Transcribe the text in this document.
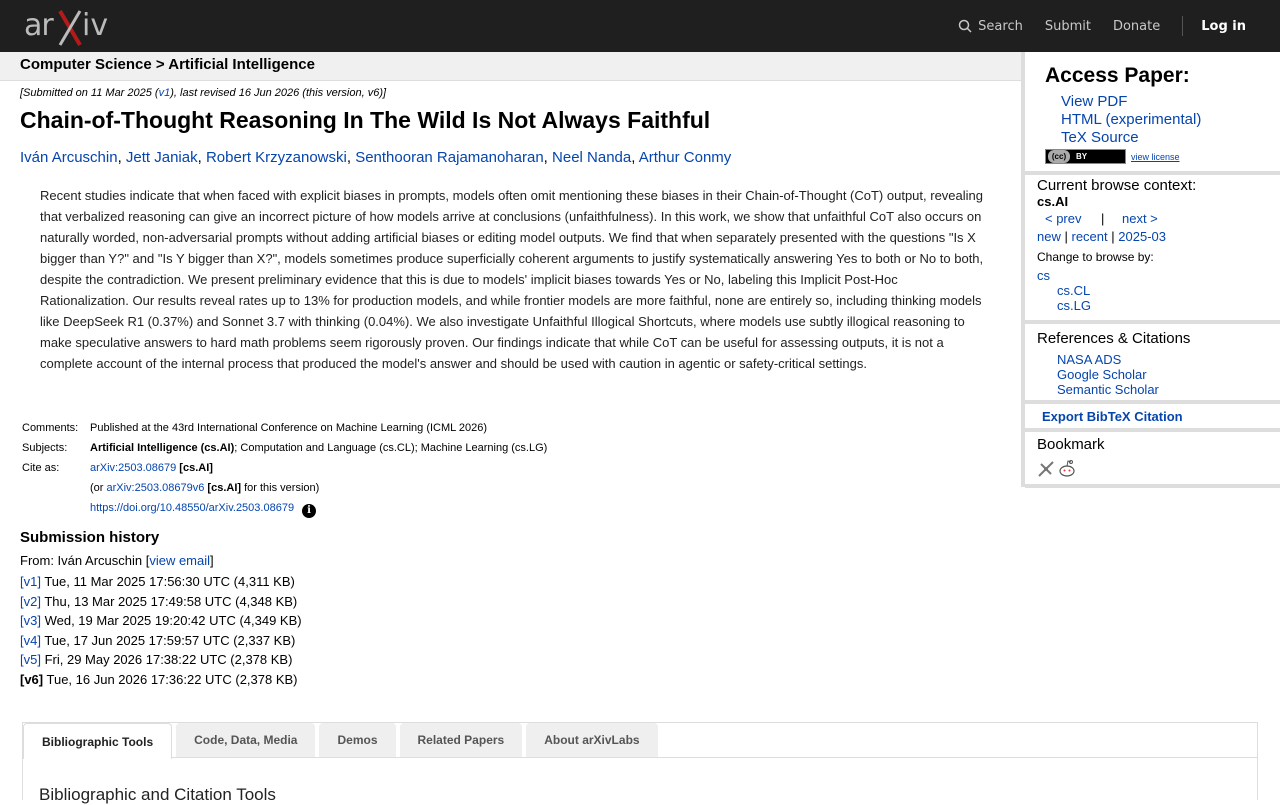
ar iv	Search Submit Donate	Log in
Computer Science > Artificial Intelligence
[Submitted on 11 Mar 2025 (v1), last revised 16 Jun 2026 (this version, v6)]
Chain-of-Thought Reasoning In The Wild Is Not Always Faithful
Iván Arcuschin, Jett Janiak, Robert Krzyzanowski, Senthooran Rajamanoharan, Neel Nanda, Arthur Conmy

Recent studies indicate that when faced with explicit biases in prompts, models often omit mentioning these biases in their Chain-of-Thought (CoT) output, revealing that verbalized reasoning can give an incorrect picture of how models arrive at conclusions (unfaithfulness). In this work, we show that unfaithful CoT also occurs on naturally worded, non-adversarial prompts without adding artificial biases or editing model outputs. We find that when separately presented with the questions "Is X bigger than Y?" and "Is Y bigger than X?", models sometimes produce superficially coherent arguments to justify systematically answering Yes to both or No to both, despite the contradiction. We present preliminary evidence that this is due to models' implicit biases towards Yes or No, labeling this Implicit Post-Hoc Rationalization. Our results reveal rates up to 13% for production models, and while frontier models are more faithful, none are entirely so, including thinking models like DeepSeek R1 (0.37%) and Sonnet 3.7 with thinking (0.04%). We also investigate Unfaithful Illogical Shortcuts, where models use subtly illogical reasoning to make speculative answers to hard math problems seem rigorously proven. Our findings indicate that while CoT can be useful for assessing outputs, it is not a complete account of the internal process that produced the model's answer and should be used with caution in agentic or safety-critical settings.

Comments:	Published at the 43rd International Conference on Machine Learning (ICML 2026)
Subjects:	Artificial Intelligence (cs.AI); Computation and Language (cs.CL); Machine Learning (cs.LG)
Cite as:	arXiv:2503.08679 [cs.AI]
(or arXiv:2503.08679v6 [cs.AI] for this version)
https://doi.org/10.48550/arXiv.2503.08679 i
Submission history
From: Iván Arcuschin [view email]
[v1] Tue, 11 Mar 2025 17:56:30 UTC (4,311 KB)
[v2] Thu, 13 Mar 2025 17:49:58 UTC (4,348 KB)
[v3] Wed, 19 Mar 2025 19:20:42 UTC (4,349 KB)
[v4] Tue, 17 Jun 2025 17:59:57 UTC (2,337 KB)
[v5] Fri, 29 May 2026 17:38:22 UTC (2,378 KB)
[v6] Tue, 16 Jun 2026 17:36:22 UTC (2,378 KB)
Bibliographic Tools	Code, Data, Media	Demos	Related Papers	About arXivLabs
Bibliographic and Citation Tools
Access Paper:
View PDF
HTML (experimental)
TeX Source
(cc)	BY	view license
Current browse context:
cs.AI
< prev | next >
new | recent | 2025-03
Change to browse by:
cs
cs.CL
cs.LG
References & Citations
NASA ADS
Google Scholar
Semantic Scholar
Export BibTeX Citation
Bookmark
